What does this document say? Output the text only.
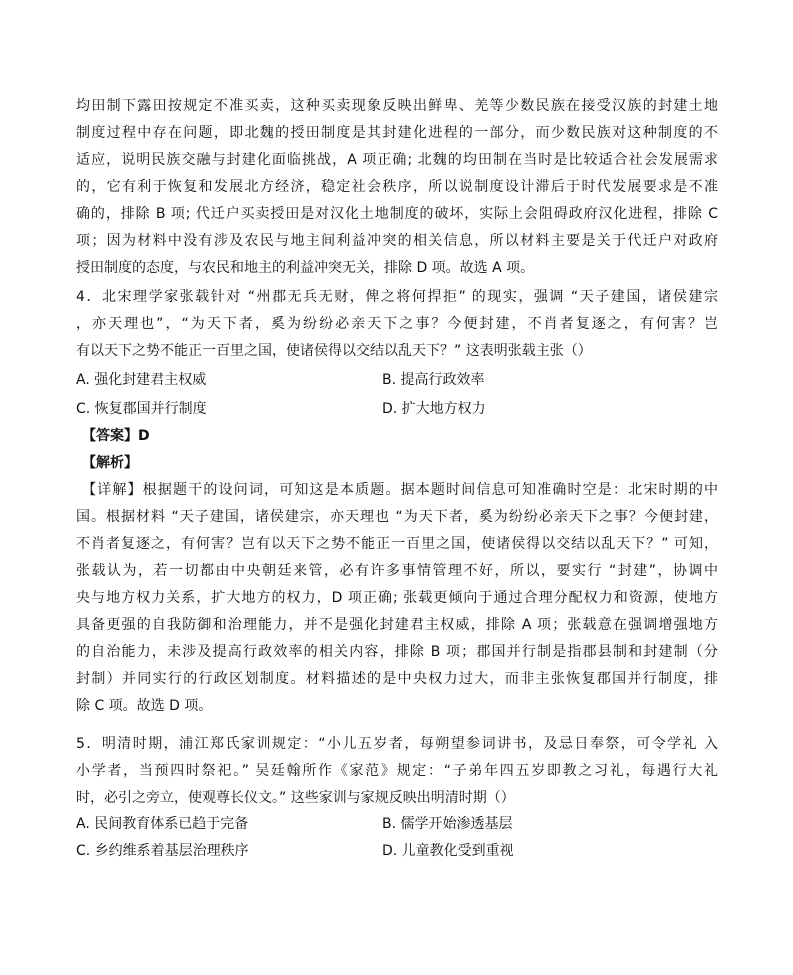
均田制下露田按规定不准买卖，这种买卖现象反映出鲜卑、羌等少数民族在接受汉族的封建土地
制度过程中存在问题，即北魏的授田制度是其封建化进程的一部分，而少数民族对这种制度的不
适应，说明民族交融与封建化面临挑战，A 项正确; 北魏的均田制在当时是比较适合社会发展需求
的，它有利于恢复和发展北方经济，稳定社会秩序，所以说制度设计滞后于时代发展要求是不准
确的，排除 B 项; 代迁户买卖授田是对汉化土地制度的破坏，实际上会阻碍政府汉化进程，排除 C
项；因为材料中没有涉及农民与地主间利益冲突的相关信息，所以材料主要是关于代迁户对政府
授田制度的态度，与农民和地主的利益冲突无关，排除 D 项。故选 A 项。
4．北宋理学家张载针对 “州郡无兵无财，俾之将何捍拒” 的现实，强调 “天子建国，诸侯建宗
，亦天理也”，“为天下者，奚为纷纷必亲天下之事？今便封建，不肖者复逐之，有何害？岂
有以天下之势不能正一百里之国，使诸侯得以交结以乱天下？” 这表明张载主张（）
A. 强化封建君主权威	B. 提高行政效率
C. 恢复郡国并行制度	D. 扩大地方权力
【答案】D
【解析】
【详解】根据题干的设问词，可知这是本质题。据本题时间信息可知准确时空是：北宋时期的中
国。根据材料 “天子建国，诸侯建宗，亦天理也 “为天下者，奚为纷纷必亲天下之事？今便封建，
不肖者复逐之，有何害？岂有以天下之势不能正一百里之国，使诸侯得以交结以乱天下？” 可知，
张载认为，若一切都由中央朝廷来管，必有许多事情管理不好，所以，要实行 “封建”，协调中
央与地方权力关系，扩大地方的权力，D 项正确; 张载更倾向于通过合理分配权力和资源，使地方
具备更强的自我防御和治理能力，并不是强化封建君主权威，排除 A 项；张载意在强调增强地方
的自治能力，未涉及提高行政效率的相关内容，排除 B 项；郡国并行制是指郡县制和封建制（分
封制）并同实行的行政区划制度。材料描述的是中央权力过大，而非主张恢复郡国并行制度，排
除 C 项。故选 D 项。
5．明清时期，浦江郑氏家训规定：“小儿五岁者，每朔望参词讲书，及忌日奉祭，可令学礼 入
小学者，当预四时祭祀。” 吴廷翰所作《家范》规定：“子弟年四五岁即教之习礼，每遇行大礼
时，必引之旁立，使观尊长仪文。” 这些家训与家规反映出明清时期（）
A. 民间教育体系已趋于完备	B. 儒学开始渗透基层
C. 乡约维系着基层治理秩序	D. 儿童教化受到重视
